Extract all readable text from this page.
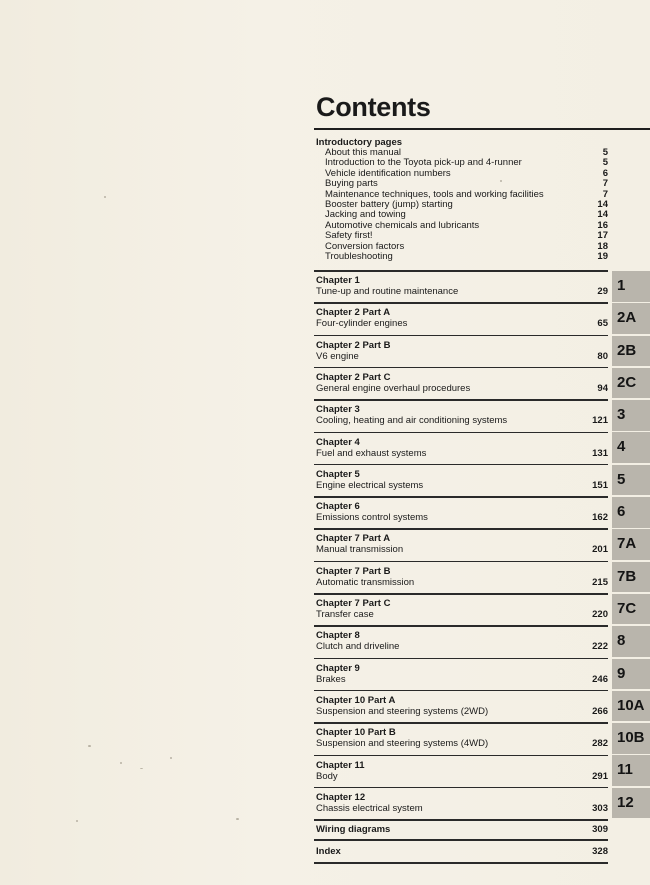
Contents
Introductory pages
About this manual	5
Introduction to the Toyota pick-up and 4-runner	5
Vehicle identification numbers	6
Buying parts	7
Maintenance techniques, tools and working facilities	7
Booster battery (jump) starting	14
Jacking and towing	14
Automotive chemicals and lubricants	16
Safety first!	17
Conversion factors	18
Troubleshooting	19
Chapter 1
Tune-up and routine maintenance	29
Chapter 2 Part A
Four-cylinder engines	65
Chapter 2 Part B
V6 engine	80
Chapter 2 Part C
General engine overhaul procedures	94
Chapter 3
Cooling, heating and air conditioning systems	121
Chapter 4
Fuel and exhaust systems	131
Chapter 5
Engine electrical systems	151
Chapter 6
Emissions control systems	162
Chapter 7 Part A
Manual transmission	201
Chapter 7 Part B
Automatic transmission	215
Chapter 7 Part C
Transfer case	220
Chapter 8
Clutch and driveline	222
Chapter 9
Brakes	246
Chapter 10 Part A
Suspension and steering systems (2WD)	266
Chapter 10 Part B
Suspension and steering systems (4WD)	282
Chapter 11
Body	291
Chapter 12
Chassis electrical system	303
Wiring diagrams	309
Index	328
1
2A
2B
2C
3
4
5
6
7A
7B
7C
8
9
10A
10B
11
12
